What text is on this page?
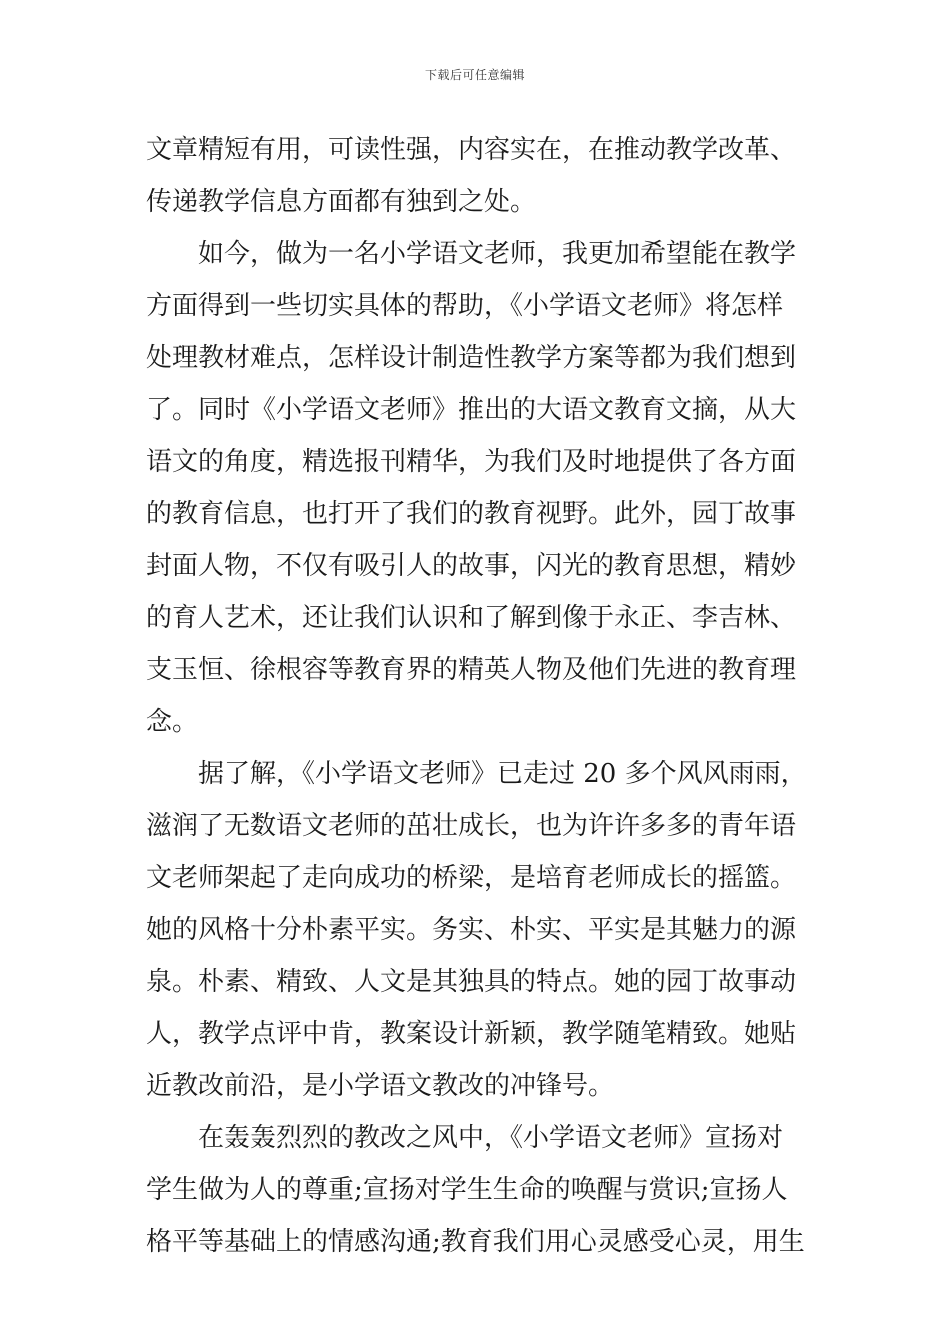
下载后可任意编辑
文章精短有用，可读性强，内容实在，在推动教学改革、
传递教学信息方面都有独到之处。
如今，做为一名小学语文老师，我更加希望能在教学
方面得到一些切实具体的帮助，《小学语文老师》将怎样
处理教材难点，怎样设计制造性教学方案等都为我们想到
了。同时《小学语文老师》推出的大语文教育文摘，从大
语文的角度，精选报刊精华，为我们及时地提供了各方面
的教育信息，也打开了我们的教育视野。此外，园丁故事
封面人物，不仅有吸引人的故事，闪光的教育思想，精妙
的育人艺术，还让我们认识和了解到像于永正、李吉林、
支玉恒、徐根容等教育界的精英人物及他们先进的教育理
念。
据了解，《小学语文老师》已走过 20 多个风风雨雨，
滋润了无数语文老师的茁壮成长，也为许许多多的青年语
文老师架起了走向成功的桥梁，是培育老师成长的摇篮。
她的风格十分朴素平实。务实、朴实、平实是其魅力的源
泉。朴素、精致、人文是其独具的特点。她的园丁故事动
人，教学点评中肯，教案设计新颖，教学随笔精致。她贴
近教改前沿，是小学语文教改的冲锋号。
在轰轰烈烈的教改之风中，《小学语文老师》宣扬对
学生做为人的尊重;宣扬对学生生命的唤醒与赏识;宣扬人
格平等基础上的情感沟通;教育我们用心灵感受心灵，用生
